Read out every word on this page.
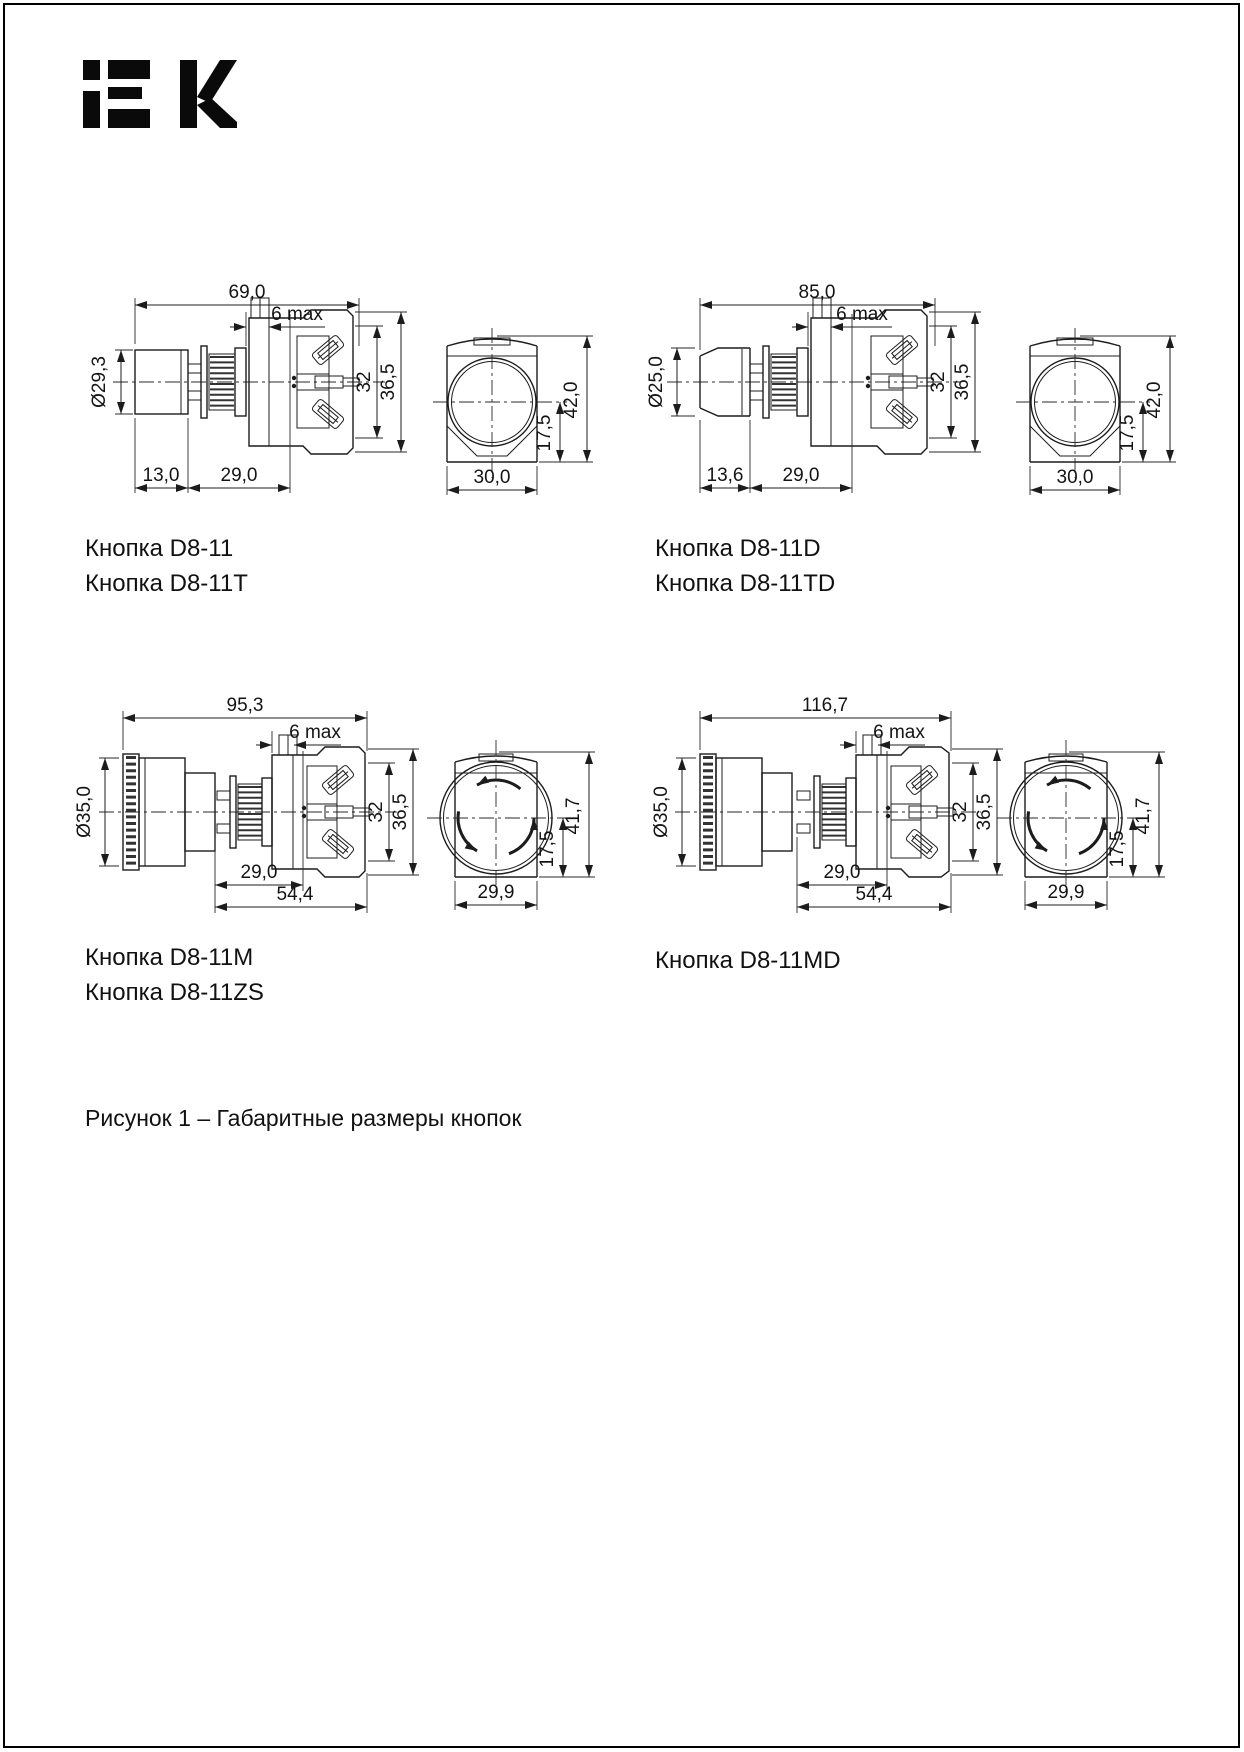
Ø29,3
69,0
6 max
13,0 29,0
32 36,5
17,5
42,0
30,0
Ø25,0
85,0
6 max
13,6 29,0
32 36,5
17,5
42,0
30,0
Ø35,0
95,3
6 max
29,0
54,4
32 36,5
17,5
41,7
29,9
Ø35,0
116,7
6 max
29,0
54,4
32 36,5
17,5
41,7
29,9
Кнопка D8-11
Кнопка D8-11T
Кнопка D8-11D
Кнопка D8-11TD
Кнопка D8-11M
Кнопка D8-11ZS
Кнопка D8-11MD
Рисунок 1 – Габаритные размеры кнопок
